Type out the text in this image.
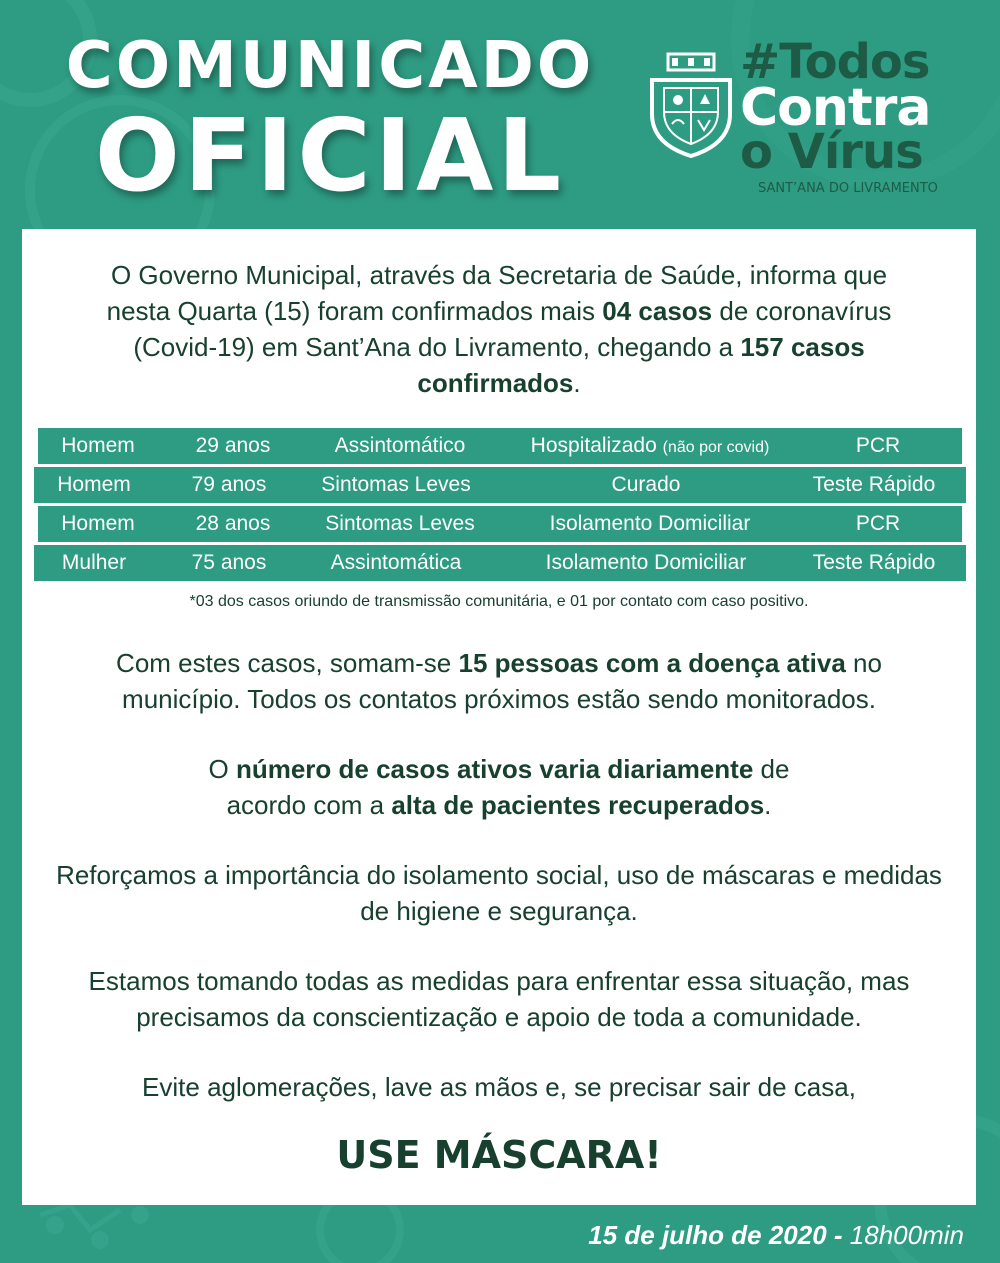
COMUNICADO
OFICIAL
#Todos
Contra
o Vírus
SANT’ANA DO LIVRAMENTO
O Governo Municipal, através da Secretaria de Saúde, informa que nesta Quarta (15) foram confirmados mais 04 casos de coronavírus (Covid-19) em Sant’Ana do Livramento, chegando a 157 casos confirmados.
Homem	29 anos	Assintomático	Hospitalizado (não por covid)	PCR
Homem	79 anos	Sintomas Leves	Curado	Teste Rápido
Homem	28 anos	Sintomas Leves	Isolamento Domiciliar	PCR
Mulher	75 anos	Assintomática	Isolamento Domiciliar	Teste Rápido
*03 dos casos oriundo de transmissão comunitária, e 01 por contato com caso positivo.
Com estes casos, somam-se 15 pessoas com a doença ativa no município. Todos os contatos próximos estão sendo monitorados.
O número de casos ativos varia diariamente de acordo com a alta de pacientes recuperados.
Reforçamos a importância do isolamento social, uso de máscaras e medidas de higiene e segurança.
Estamos tomando todas as medidas para enfrentar essa situação, mas precisamos da conscientização e apoio de toda a comunidade.
Evite aglomerações, lave as mãos e, se precisar sair de casa,
USE MÁSCARA!
15 de julho de 2020 - 18h00min
